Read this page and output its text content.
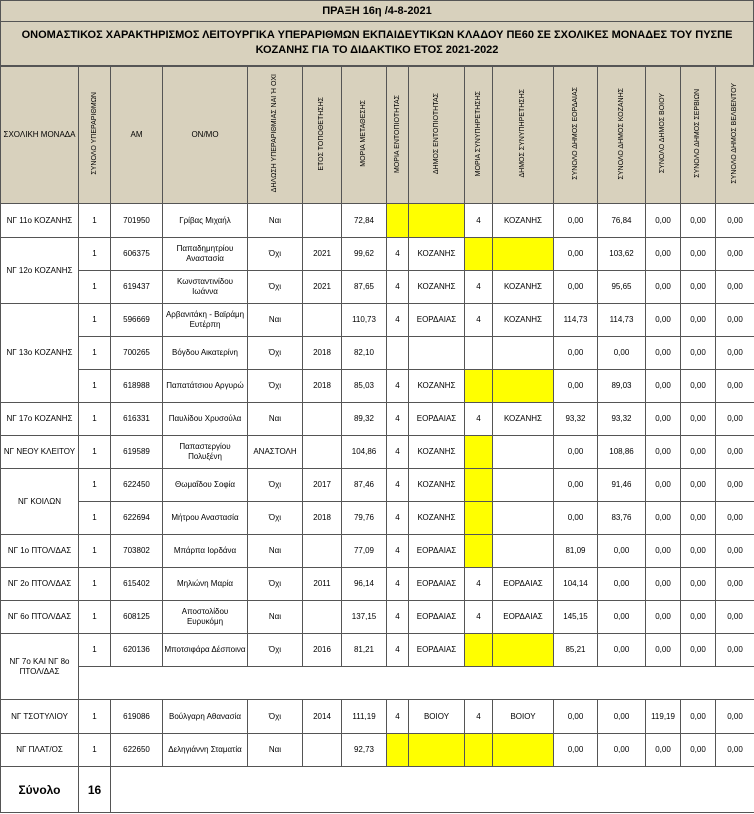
ΠΡΑΞΗ 16η /4-8-2021
ΟΝΟΜΑΣΤΙΚΟΣ ΧΑΡΑΚΤΗΡΙΣΜΟΣ ΛΕΙΤΟΥΡΓΙΚΑ ΥΠΕΡΑΡΙΘΜΩΝ ΕΚΠΑΙΔΕΥΤΙΚΩΝ ΚΛΑΔΟΥ ΠΕ60 ΣΕ ΣΧΟΛΙΚΕΣ ΜΟΝΑΔΕΣ ΤΟΥ ΠΥΣΠΕ ΚΟΖΑΝΗΣ ΓΙΑ ΤΟ ΔΙΔΑΚΤΙΚΟ ΕΤΟΣ 2021-2022
ΣΧΟΛΙΚΗ ΜΟΝΑΔΑ	ΣΥΝΟΛΟ ΥΠΕΡΑΡΙΘΜΩΝ	ΑΜ	ΟΝ/ΜΟ	ΔΗΛΩΣΗ ΥΠΕΡΑΡΙΘΜΙΑΣ ΝΑΙ Ή ΟΧΙ	ΕΤΟΣ ΤΟΠΟΘΕΤΗΣΗΣ	ΜΟΡΙΑ ΜΕΤΑΘΕΣΗΣ	ΜΟΡΙΑ ΕΝΤΟΠΙΟΤΗΤΑΣ	ΔΗΜΟΣ ΕΝΤΟΠΙΟΤΗΤΑΣ	ΜΟΡΙΑ ΣΥΝΥΠΗΡΕΤΗΣΗΣ	ΔΗΜΟΣ ΣΥΝΥΠΗΡΕΤΗΣΗΣ	ΣΥΝΟΛΟ ΔΗΜΟΣ ΕΟΡΔΑΙΑΣ	ΣΥΝΟΛΟ ΔΗΜΟΣ ΚΟΖΑΝΗΣ	ΣΥΝΟΛΟ ΔΗΜΟΣ ΒΟΙΟΥ	ΣΥΝΟΛΟ ΔΗΜΟΣ ΣΕΡΒΙΩΝ	ΣΥΝΟΛΟ ΔΗΜΟΣ ΒΕΛΒΕΝΤΟΥ
ΝΓ 11ο ΚΟΖΑΝΗΣ	1	701950	Γρίβας Μιχαήλ	Ναι		72,84			4	ΚΟΖΑΝΗΣ	0,00	76,84	0,00	0,00	0,00
ΝΓ 12ο ΚΟΖΑΝΗΣ	1	606375	Παπαδημητρίου Αναστασία	Όχι	2021	99,62	4	ΚΟΖΑΝΗΣ			0,00	103,62	0,00	0,00	0,00
	1	619437	Κωνσταντινίδου Ιωάννα	Όχι	2021	87,65	4	ΚΟΖΑΝΗΣ	4	ΚΟΖΑΝΗΣ	0,00	95,65	0,00	0,00	0,00
ΝΓ 13ο ΚΟΖΑΝΗΣ	1	596669	Αρβανιτάκη - Βαϊράμη Ευτέρπη	Ναι		110,73	4	ΕΟΡΔΑΙΑΣ	4	ΚΟΖΑΝΗΣ	114,73	114,73	0,00	0,00	0,00
	1	700265	Βόγδου Αικατερίνη	Όχι	2018	82,10					0,00	0,00	0,00	0,00	0,00
	1	618988	Παπατάτσιου Αργυρώ	Όχι	2018	85,03	4	ΚΟΖΑΝΗΣ			0,00	89,03	0,00	0,00	0,00
ΝΓ 17ο ΚΟΖΑΝΗΣ	1	616331	Παυλίδου Χρυσούλα	Ναι		89,32	4	ΕΟΡΔΑΙΑΣ	4	ΚΟΖΑΝΗΣ	93,32	93,32	0,00	0,00	0,00
ΝΓ ΝΕΟΥ ΚΛΕΙΤΟΥ	1	619589	Παπαστεργίου Πολυξένη	ΑΝΑΣΤΟΛΗ		104,86	4	ΚΟΖΑΝΗΣ			0,00	108,86	0,00	0,00	0,00
ΝΓ ΚΟΙΛΩΝ	1	622450	Θωμαΐδου Σοφία	Όχι	2017	87,46	4	ΚΟΖΑΝΗΣ			0,00	91,46	0,00	0,00	0,00
	1	622694	Μήτρου Αναστασία	Όχι	2018	79,76	4	ΚΟΖΑΝΗΣ			0,00	83,76	0,00	0,00	0,00
ΝΓ 1ο ΠΤΟΛ/ΔΑΣ	1	703802	Μπάρπα Ιορδάνα	Ναι		77,09	4	ΕΟΡΔΑΙΑΣ			81,09	0,00	0,00	0,00	0,00
ΝΓ 2ο ΠΤΟΛ/ΔΑΣ	1	615402	Μηλιώνη Μαρία	Όχι	2011	96,14	4	ΕΟΡΔΑΙΑΣ	4	ΕΟΡΔΑΙΑΣ	104,14	0,00	0,00	0,00	0,00
ΝΓ 6ο ΠΤΟΛ/ΔΑΣ	1	608125	Αποστολίδου Ευρυκόμη	Ναι		137,15	4	ΕΟΡΔΑΙΑΣ	4	ΕΟΡΔΑΙΑΣ	145,15	0,00	0,00	0,00	0,00
ΝΓ 7ο ΚΑΙ ΝΓ 8ο ΠΤΟΛ/ΔΑΣ	1	620136	Μποτσιφάρα Δέσποινα	Όχι	2016	81,21	4	ΕΟΡΔΑΙΑΣ			85,21	0,00	0,00	0,00	0,00

ΝΓ ΤΣΟΤΥΛΙΟΥ	1	619086	Βούλγαρη Αθανασία	Όχι	2014	111,19	4	ΒΟΙΟΥ	4	ΒΟΙΟΥ	0,00	0,00	119,19	0,00	0,00
ΝΓ ΠΛΑΤ/ΟΣ	1	622650	Δεληγιάννη Σταματία	Ναι		92,73					0,00	0,00	0,00	0,00	0,00
Σύνολο	16														
